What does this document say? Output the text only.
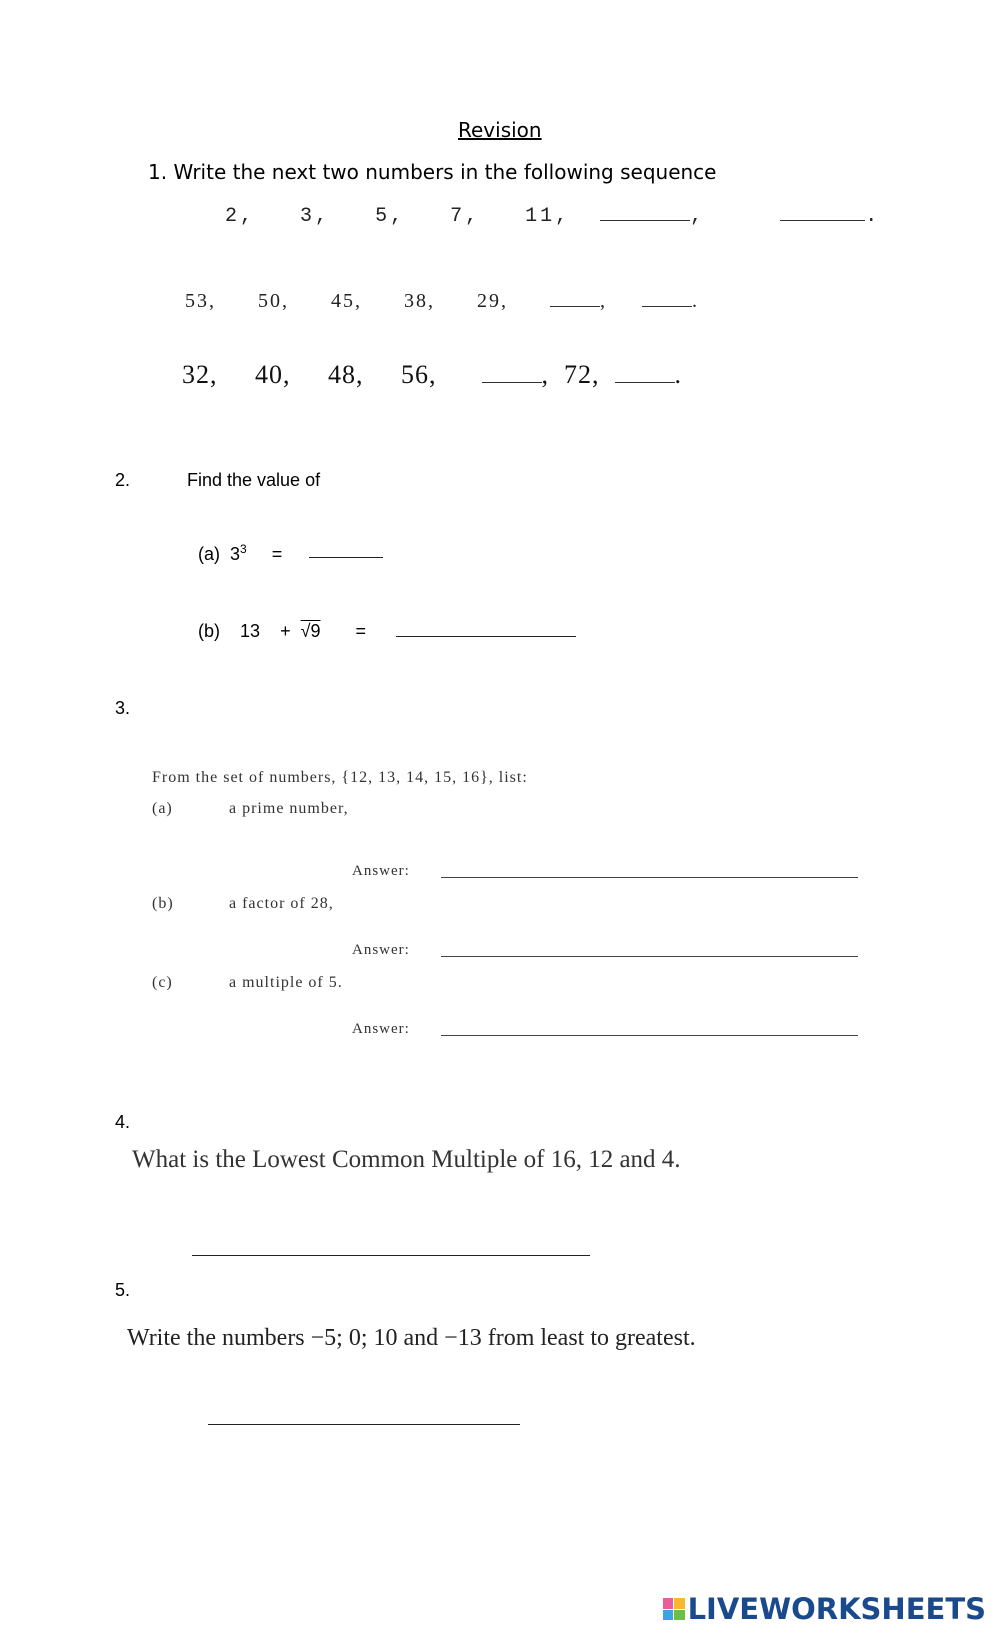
Revision
1. Write the next two numbers in the following sequence
2, 3, 5, 7, 11,	,	.
53, 50, 45, 38, 29,	,	.
32, 40, 48, 56,	, 72,	.
2.	Find the value of
(a) $3^3$ =
(b) 13 + √9 =
3.
From the set of numbers, {12, 13, 14, 15, 16}, list:
(a)	a prime number,
Answer:
(b)	a factor of 28,
Answer:
(c)	a multiple of 5.
Answer:
4.
What is the Lowest Common Multiple of 16, 12 and 4.
5.
Write the numbers −5; 0; 10 and −13 from least to greatest.
LIVEWORKSHEETS
